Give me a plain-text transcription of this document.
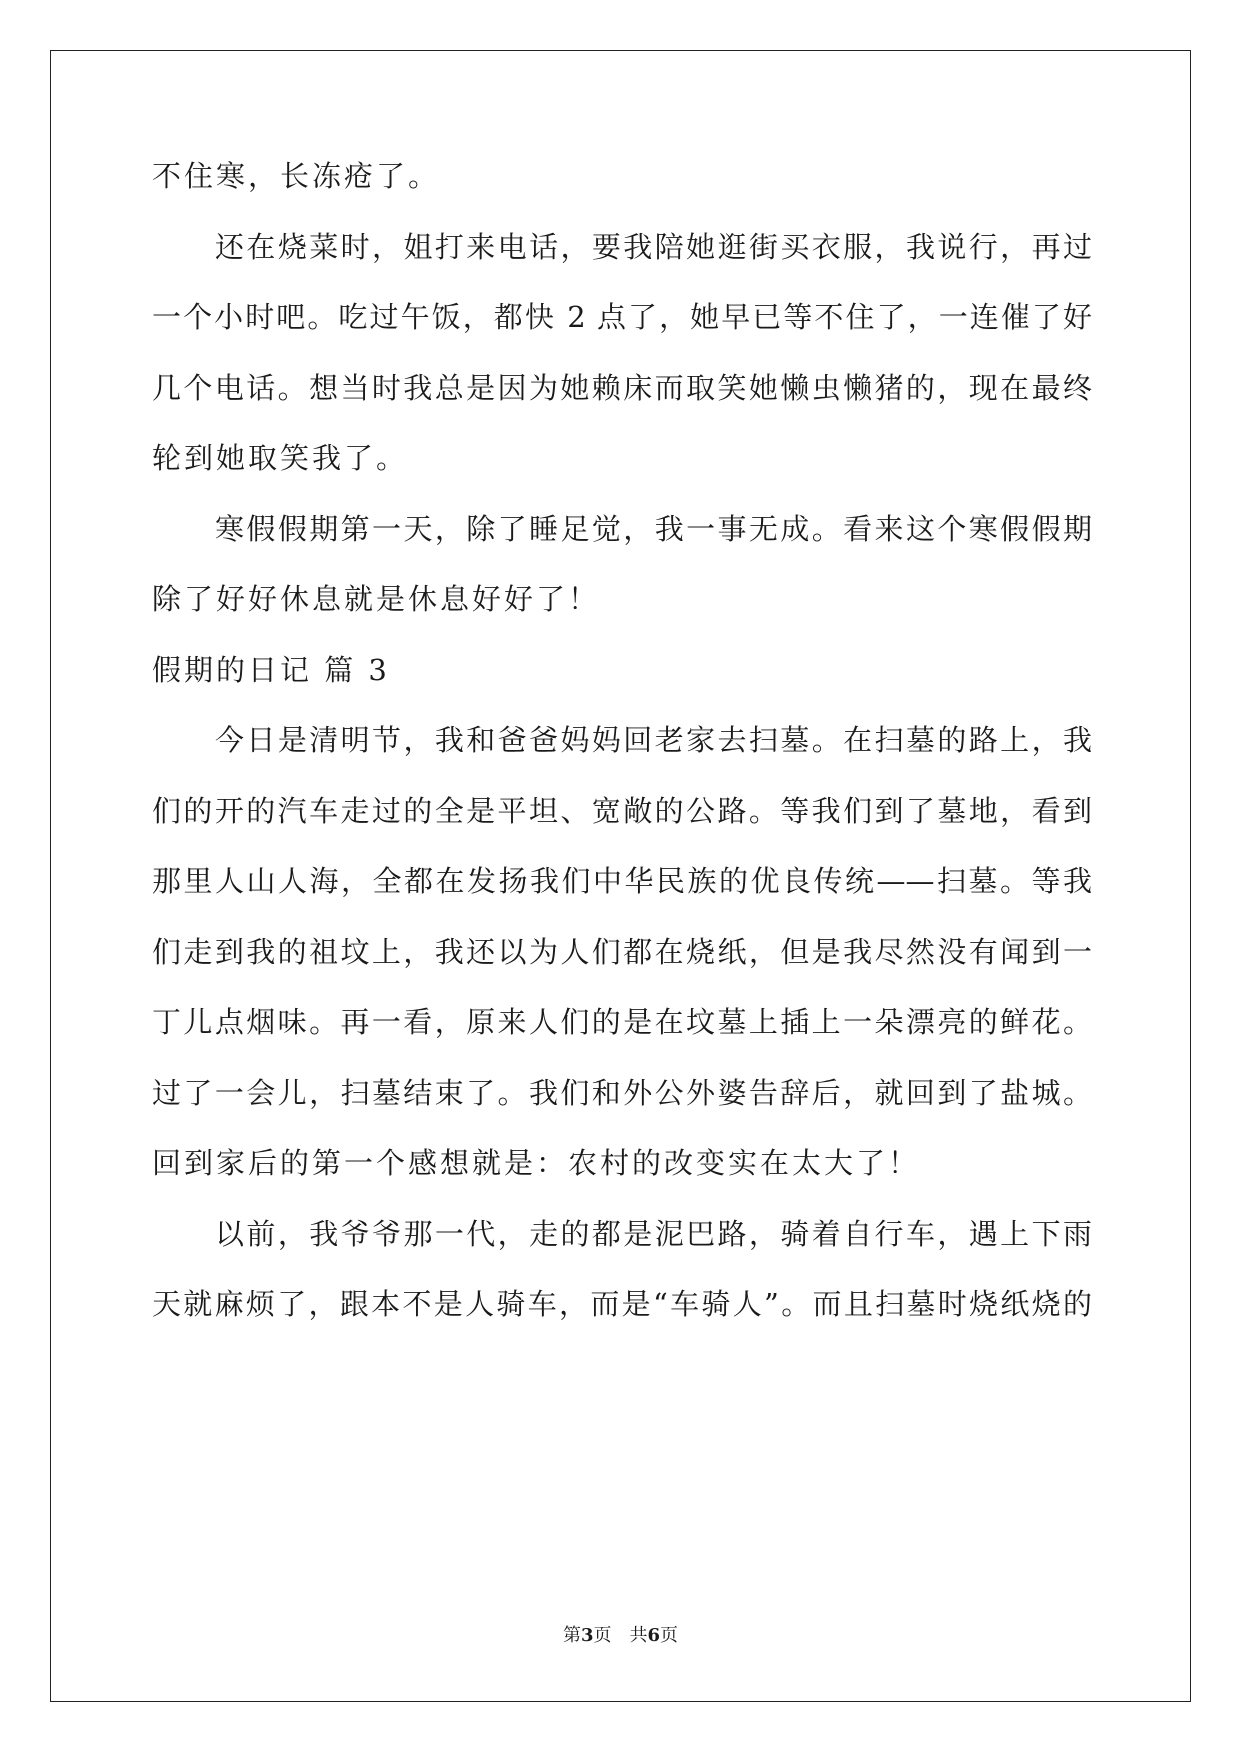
不住寒，长冻疮了。
还在烧菜时，姐打来电话，要我陪她逛街买衣服，我说行，再过
一个小时吧。吃过午饭，都快 2 点了，她早已等不住了，一连催了好
几个电话。想当时我总是因为她赖床而取笑她懒虫懒猪的，现在最终
轮到她取笑我了。
寒假假期第一天，除了睡足觉，我一事无成。看来这个寒假假期
除了好好休息就是休息好好了！
假期的日记 篇 3
今日是清明节，我和爸爸妈妈回老家去扫墓。在扫墓的路上，我
们的开的汽车走过的全是平坦、宽敞的公路。等我们到了墓地，看到
那里人山人海，全都在发扬我们中华民族的优良传统——扫墓。等我
们走到我的祖坟上，我还以为人们都在烧纸，但是我尽然没有闻到一
丁儿点烟味。再一看，原来人们的是在坟墓上插上一朵漂亮的鲜花。
过了一会儿，扫墓结束了。我们和外公外婆告辞后，就回到了盐城。
回到家后的第一个感想就是：农村的改变实在太大了！
以前，我爷爷那一代，走的都是泥巴路，骑着自行车，遇上下雨
天就麻烦了，跟本不是人骑车，而是“车骑人”。而且扫墓时烧纸烧的
第3页　共6页
